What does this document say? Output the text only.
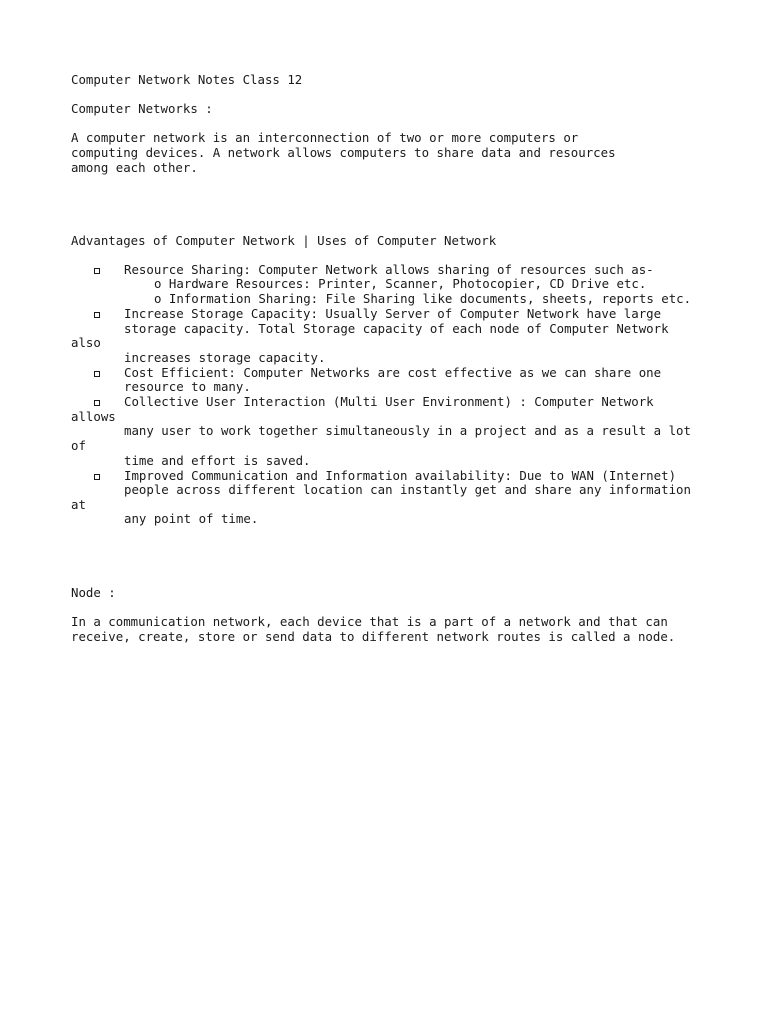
Computer Network Notes Class 12
Computer Networks :
A computer network is an interconnection of two or more computers or
computing devices. A network allows computers to share data and resources
among each other.
Advantages of Computer Network | Uses of Computer Network
Resource Sharing: Computer Network allows sharing of resources such as-
o Hardware Resources: Printer, Scanner, Photocopier, CD Drive etc.
o Information Sharing: File Sharing like documents, sheets, reports etc.
Increase Storage Capacity: Usually Server of Computer Network have large
storage capacity. Total Storage capacity of each node of Computer Network
also
increases storage capacity.
Cost Efficient: Computer Networks are cost effective as we can share one
resource to many.
Collective User Interaction (Multi User Environment) : Computer Network
allows
many user to work together simultaneously in a project and as a result a lot
of
time and effort is saved.
Improved Communication and Information availability: Due to WAN (Internet)
people across different location can instantly get and share any information
at
any point of time.
Node :
In a communication network, each device that is a part of a network and that can
receive, create, store or send data to different network routes is called a node.
